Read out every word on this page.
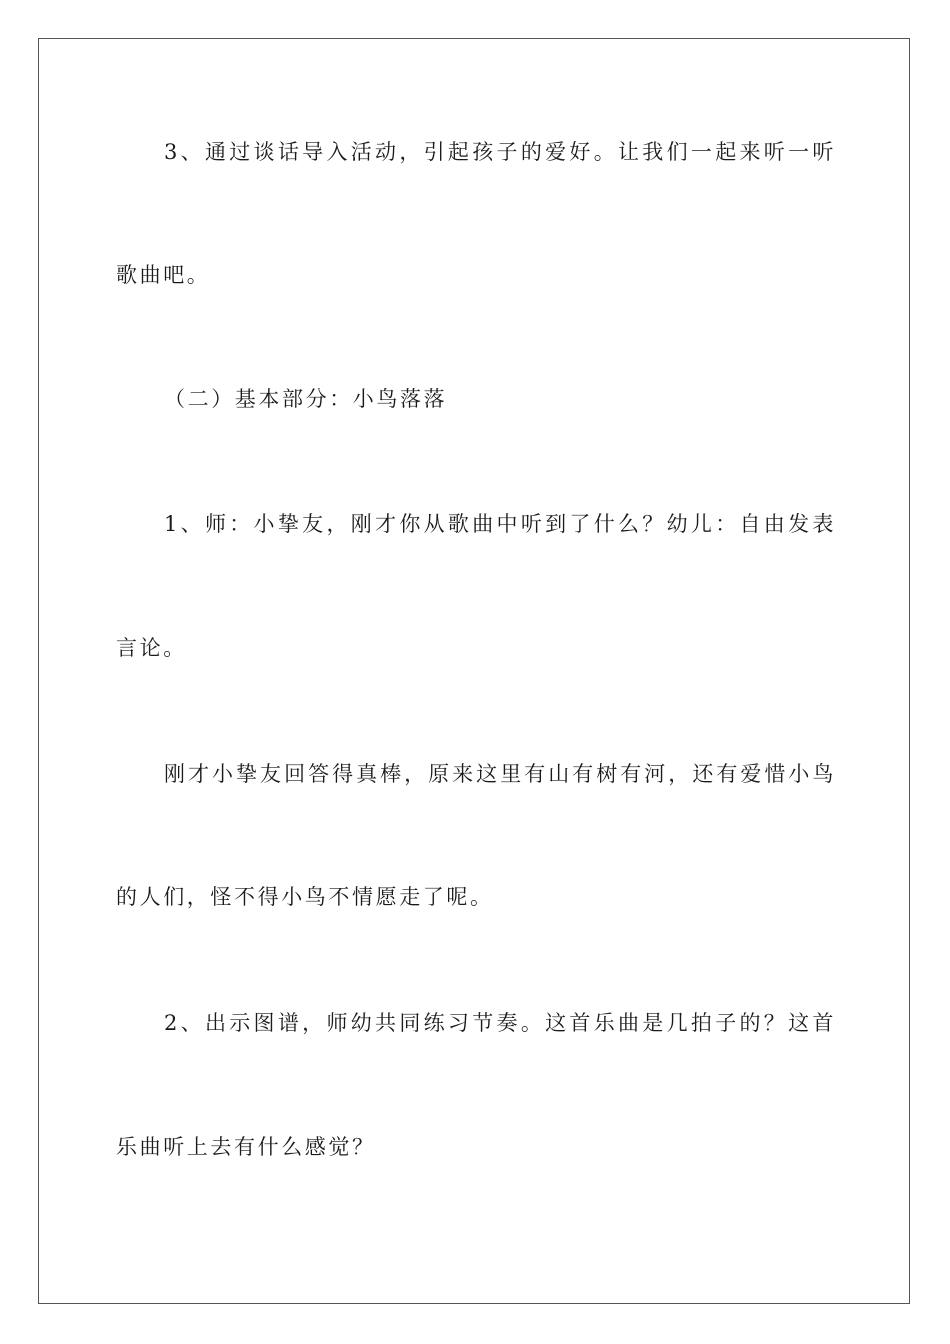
3、通过谈话导入活动，引起孩子的爱好。让我们一起来听一听
歌曲吧。
（二）基本部分：小鸟落落
1、师：小挚友，刚才你从歌曲中听到了什么？幼儿：自由发表
言论。
刚才小挚友回答得真棒，原来这里有山有树有河，还有爱惜小鸟
的人们，怪不得小鸟不情愿走了呢。
2、出示图谱，师幼共同练习节奏。这首乐曲是几拍子的？这首
乐曲听上去有什么感觉？
